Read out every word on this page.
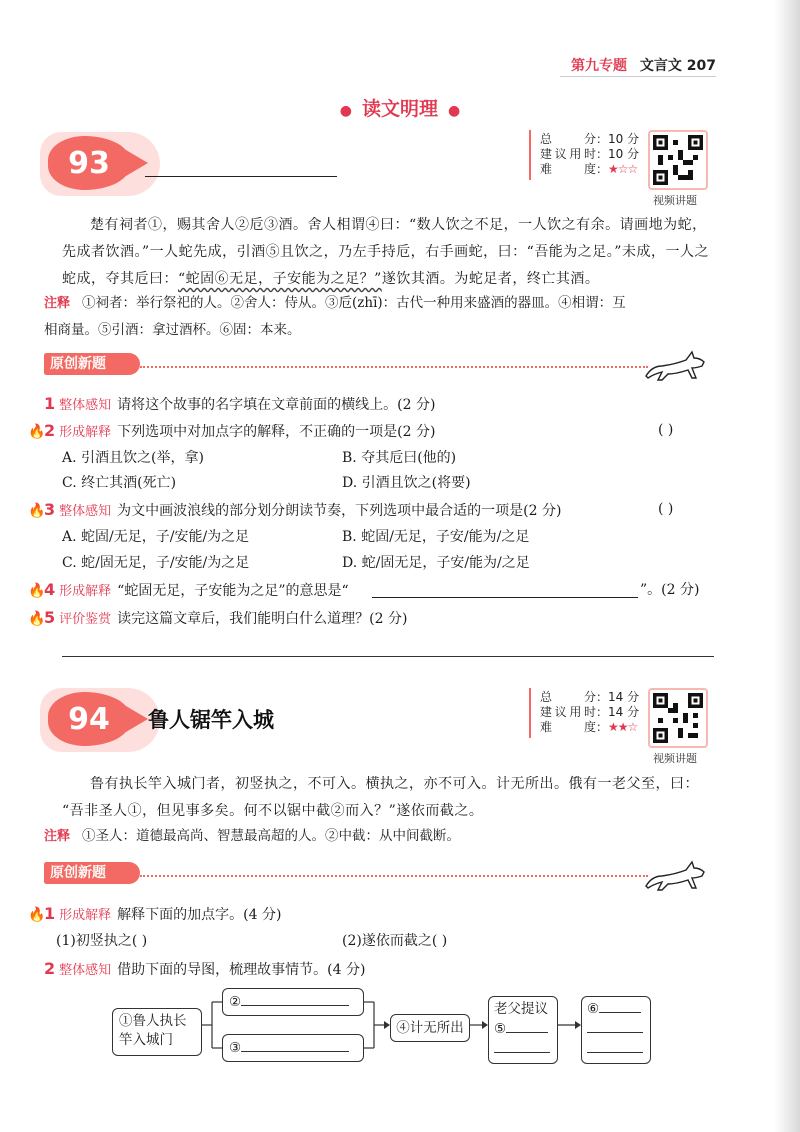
第九专题 文言文 207
● 读文明理 ●
93
总分：10 分
建议用时：10 分
难度：★☆☆
视频讲题
楚有祠者①，赐其舍人②卮③酒。舍人相谓④曰：“数人饮之不足，一人饮之有余。请画地为蛇，
先成者饮酒。”一人蛇先成，引酒⑤且饮之，乃左手持卮，右手画蛇，曰：“吾能为之足。”未成，一人之
蛇成，夺其卮曰：“蛇固⑥无足，子安能为之足？”遂饮其酒。为蛇足者，终亡其酒。
注释 ①祠者：举行祭祀的人。②舍人：侍从。③卮(zhī)：古代一种用来盛酒的器皿。④相谓：互
相商量。⑤引酒：拿过酒杯。⑥固：本来。
原创新题
1 整体感知 请将这个故事的名字填在文章前面的横线上。(2 分)
🔥
2 形成解释 下列选项中对加点字的解释，不正确的一项是(2 分)	( )
A. 引酒且饮之(举，拿)	B. 夺其卮曰(他的)
C. 终亡其酒(死亡)	D. 引酒且饮之(将要)
🔥
3 整体感知 为文中画波浪线的部分划分朗读节奏，下列选项中最合适的一项是(2 分)	( )
A. 蛇固/无足，子/安能/为之足	B. 蛇固/无足，子安/能为/之足
C. 蛇/固无足，子/安能/为之足	D. 蛇/固无足，子安/能为/之足
🔥
4 形成解释 “蛇固无足，子安能为之足”的意思是“	”。(2 分)
🔥
5 评价鉴赏 读完这篇文章后，我们能明白什么道理？(2 分)
94 鲁人锯竿入城
总分：14 分
建议用时：14 分
难度：★★☆
视频讲题
鲁有执长竿入城门者，初竖执之，不可入。横执之，亦不可入。计无所出。俄有一老父至，曰：
“吾非圣人①，但见事多矣。何不以锯中截②而入？”遂依而截之。
注释 ①圣人：道德最高尚、智慧最高超的人。②中截：从中间截断。
原创新题
🔥
1 形成解释 解释下面的加点字。(4 分)
(1)初竖执之( )	(2)遂依而截之( )
2 整体感知 借助下面的导图，梳理故事情节。(4 分)
①鲁人执长
竿入城门
②
③
④计无所出
老父提议
⑤
⑥
